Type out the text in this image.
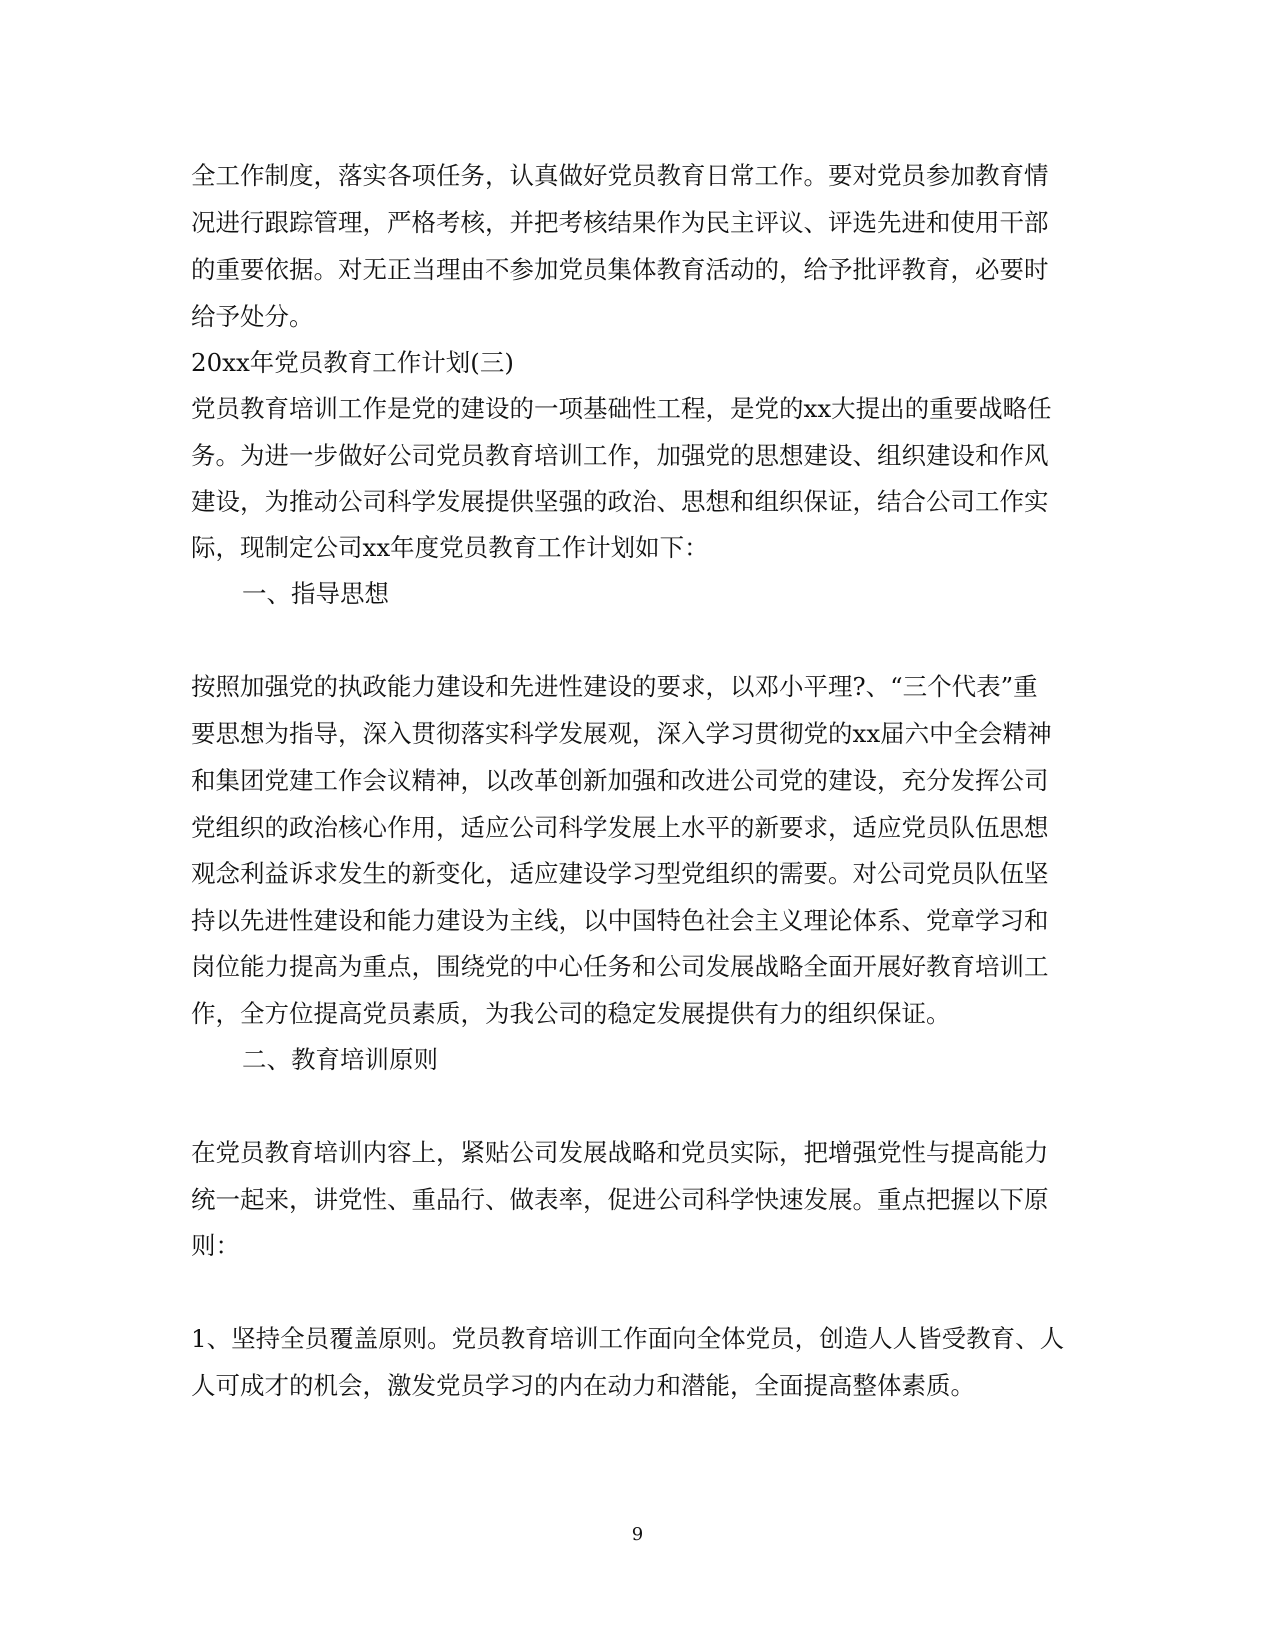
全工作制度，落实各项任务，认真做好党员教育日常工作。要对党员参加教育情
况进行跟踪管理，严格考核，并把考核结果作为民主评议、评选先进和使用干部
的重要依据。对无正当理由不参加党员集体教育活动的，给予批评教育，必要时
给予处分。
20xx年党员教育工作计划(三)
党员教育培训工作是党的建设的一项基础性工程，是党的xx大提出的重要战略任
务。为进一步做好公司党员教育培训工作，加强党的思想建设、组织建设和作风
建设，为推动公司科学发展提供坚强的政治、思想和组织保证，结合公司工作实
际，现制定公司xx年度党员教育工作计划如下：
一、指导思想
按照加强党的执政能力建设和先进性建设的要求，以邓小平理?、“三个代表”重
要思想为指导，深入贯彻落实科学发展观，深入学习贯彻党的xx届六中全会精神
和集团党建工作会议精神，以改革创新加强和改进公司党的建设，充分发挥公司
党组织的政治核心作用，适应公司科学发展上水平的新要求，适应党员队伍思想
观念利益诉求发生的新变化，适应建设学习型党组织的需要。对公司党员队伍坚
持以先进性建设和能力建设为主线，以中国特色社会主义理论体系、党章学习和
岗位能力提高为重点，围绕党的中心任务和公司发展战略全面开展好教育培训工
作，全方位提高党员素质，为我公司的稳定发展提供有力的组织保证。
二、教育培训原则
在党员教育培训内容上，紧贴公司发展战略和党员实际，把增强党性与提高能力
统一起来，讲党性、重品行、做表率，促进公司科学快速发展。重点把握以下原
则：
1、坚持全员覆盖原则。党员教育培训工作面向全体党员，创造人人皆受教育、人
人可成才的机会，激发党员学习的内在动力和潜能，全面提高整体素质。
9
